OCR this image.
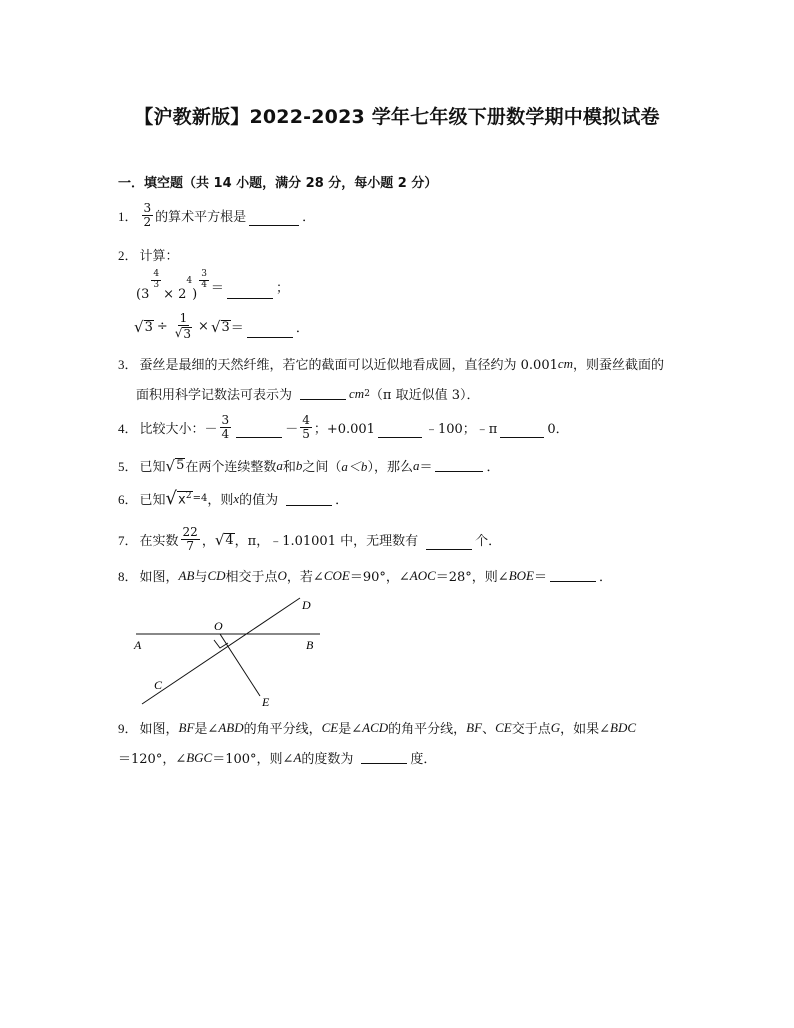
【沪教新版】2022-2023 学年七年级下册数学期中模拟试卷
一．填空题（共 14 小题，满分 28 分，每小题 2 分）
1． $\frac{3}{2}$ 的算术平方根是	．
2． 计算：
(3
$\frac{4}{3}$
× 2
4
)
$\frac{3}{4}$ ＝	；
√ $3 \div \frac{1}{√ 3}$ × √ 3 ＝	．
3． 蚕丝是最细的天然纤维，若它的截面可以近似地看成圆，直径约为 0.001 cm ，则蚕丝截面的
面积用科学记数法可表示为	cm 2 （π 取近似值 3）．
4． 比较大小： － $\frac{3}{4}$	－ $\frac{4}{5}$ ；+0.001	﹣100；﹣π	0．
5． 已知 √ 5 在两个连续整数 a 和 b 之间（ a＜b ），那么 a ＝	．
6． 已知 √ $x^2 =4$ ，则 x 的值为	．
7． 在实数 $\frac{22}{7}$ ， √ 4 ，π，﹣1.01001 中，无理数有	个．
8． 如图， AB 与 CD 相交于点 O ，若∠ COE ＝90°，∠ AOC ＝28°，则∠ BOE ＝	．
A	B
C
D
E
O
9． 如图， BF 是∠ ABD 的角平分线， CE 是∠ ACD 的角平分线， BF 、 CE 交于点 G ，如果∠ BDC
＝120°，∠ BGC ＝100°，则∠ A 的度数为	度．
